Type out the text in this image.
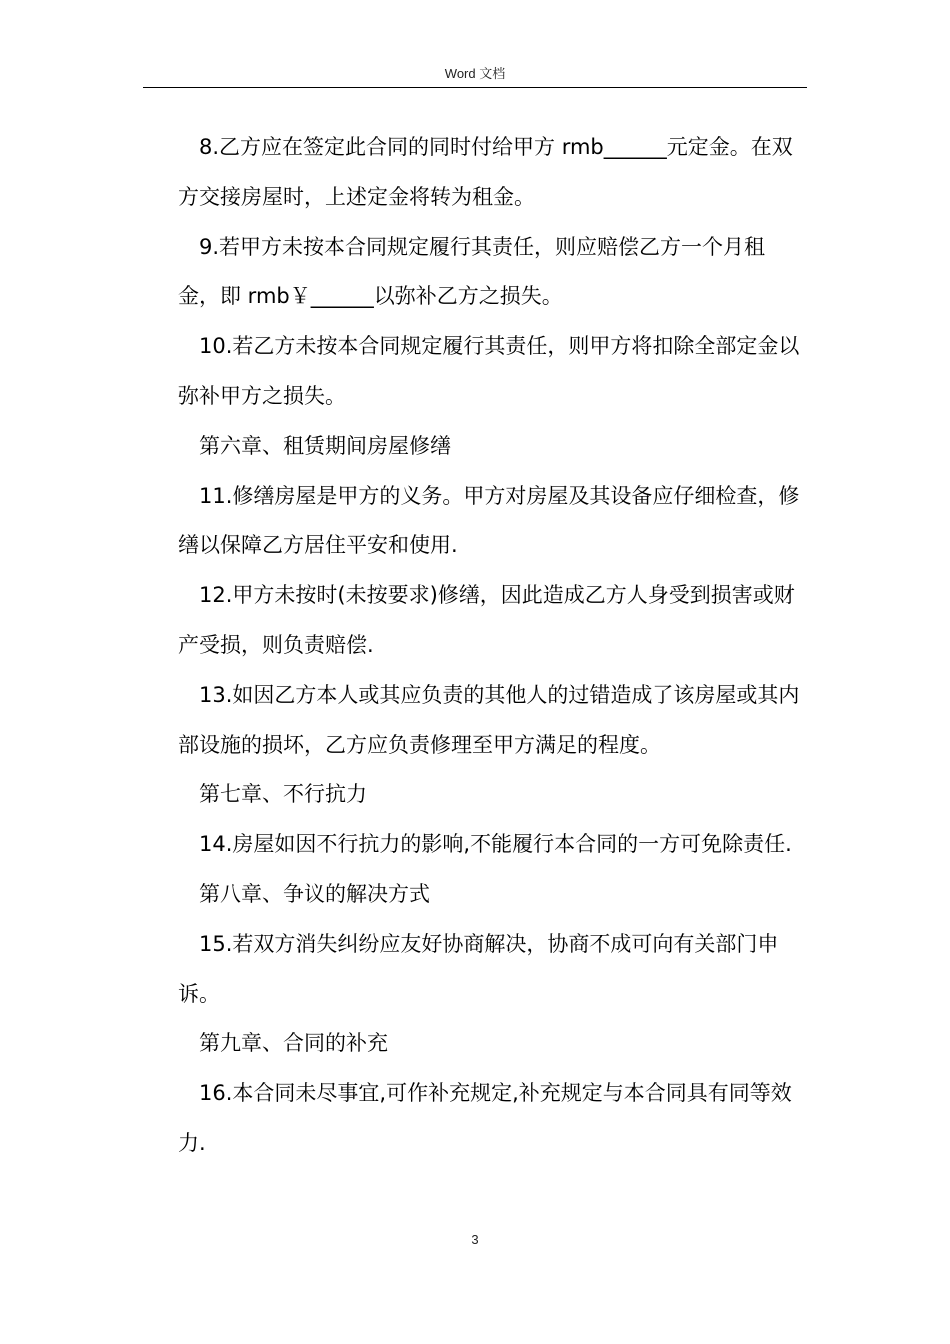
Word 文档

8.乙方应在签定此合同的同时付给甲方 rmb______元定金。在双方交接房屋时，上述定金将转为租金。

9.若甲方未按本合同规定履行其责任，则应赔偿乙方一个月租金，即 rmb￥______以弥补乙方之损失。

10.若乙方未按本合同规定履行其责任，则甲方将扣除全部定金以弥补甲方之损失。

第六章、租赁期间房屋修缮

11.修缮房屋是甲方的义务。甲方对房屋及其设备应仔细检查，修缮以保障乙方居住平安和使用.

12.甲方未按时(未按要求)修缮，因此造成乙方人身受到损害或财产受损，则负责赔偿.

13.如因乙方本人或其应负责的其他人的过错造成了该房屋或其内部设施的损坏，乙方应负责修理至甲方满足的程度。

第七章、不行抗力

14.房屋如因不行抗力的影响,不能履行本合同的一方可免除责任.

第八章、争议的解决方式

15.若双方消失纠纷应友好协商解决，协商不成可向有关部门申诉。

第九章、合同的补充

16.本合同未尽事宜,可作补充规定,补充规定与本合同具有同等效力.

3
